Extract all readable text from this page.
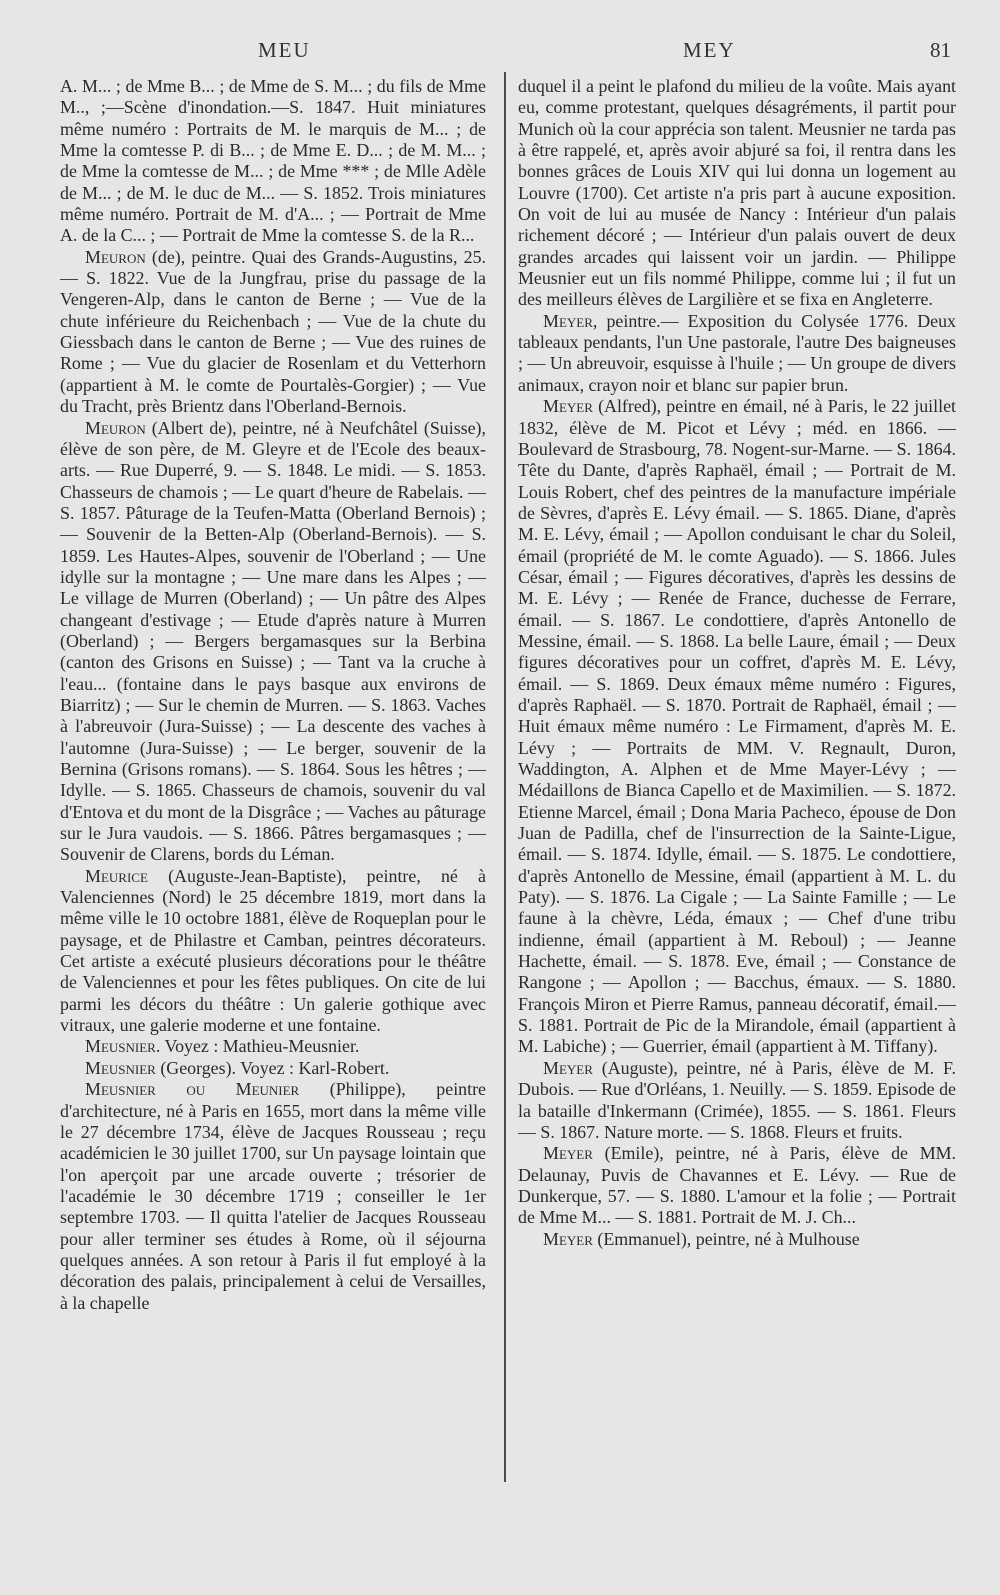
MEU	MEY	81

A. M... ; de Mme B... ; de Mme de S. M... ; du fils de Mme M.., ;—Scène d'inondation.—S. 1847. Huit miniatures même numéro : Portraits de M. le marquis de M... ; de Mme la comtesse P. di B... ; de Mme E. D... ; de M. M... ; de Mme la comtesse de M... ; de Mme *** ; de Mlle Adèle de M... ; de M. le duc de M... — S. 1852. Trois miniatures même numéro. Portrait de M. d'A... ; — Portrait de Mme A. de la C... ; — Portrait de Mme la comtesse S. de la R...

Meuron (de), peintre. Quai des Grands-Augustins, 25. — S. 1822. Vue de la Jungfrau, prise du passage de la Vengeren-Alp, dans le canton de Berne ; — Vue de la chute inférieure du Reichenbach ; — Vue de la chute du Giessbach dans le canton de Berne ; — Vue des ruines de Rome ; — Vue du glacier de Rosenlam et du Vetterhorn (appartient à M. le comte de Pourtalès-Gorgier) ; — Vue du Tracht, près Brientz dans l'Oberland-Bernois.

Meuron (Albert de), peintre, né à Neufchâtel (Suisse), élève de son père, de M. Gleyre et de l'Ecole des beaux-arts. — Rue Duperré, 9. — S. 1848. Le midi. — S. 1853. Chasseurs de chamois ; — Le quart d'heure de Rabelais. — S. 1857. Pâturage de la Teufen-Matta (Oberland Bernois) ; — Souvenir de la Betten-Alp (Oberland-Bernois). — S. 1859. Les Hautes-Alpes, souvenir de l'Oberland ; — Une idylle sur la montagne ; — Une mare dans les Alpes ; — Le village de Murren (Oberland) ; — Un pâtre des Alpes changeant d'estivage ; — Etude d'après nature à Murren (Oberland) ; — Bergers bergamasques sur la Berbina (canton des Grisons en Suisse) ; — Tant va la cruche à l'eau... (fontaine dans le pays basque aux environs de Biarritz) ; — Sur le chemin de Murren. — S. 1863. Vaches à l'abreuvoir (Jura-Suisse) ; — La descente des vaches à l'automne (Jura-Suisse) ; — Le berger, souvenir de la Bernina (Grisons romans). — S. 1864. Sous les hêtres ; — Idylle. — S. 1865. Chasseurs de chamois, souvenir du val d'Entova et du mont de la Disgrâce ; — Vaches au pâturage sur le Jura vaudois. — S. 1866. Pâtres bergamasques ; — Souvenir de Clarens, bords du Léman.

Meurice (Auguste-Jean-Baptiste), peintre, né à Valenciennes (Nord) le 25 décembre 1819, mort dans la même ville le 10 octobre 1881, élève de Roqueplan pour le paysage, et de Philastre et Camban, peintres décorateurs. Cet artiste a exécuté plusieurs décorations pour le théâtre de Valenciennes et pour les fêtes publiques. On cite de lui parmi les décors du théâtre : Un galerie gothique avec vitraux, une galerie moderne et une fontaine.

Meusnier. Voyez : Mathieu-Meusnier.

Meusnier (Georges). Voyez : Karl-Robert.

Meusnier ou Meunier (Philippe), peintre d'architecture, né à Paris en 1655, mort dans la même ville le 27 décembre 1734, élève de Jacques Rousseau ; reçu académicien le 30 juillet 1700, sur Un paysage lointain que l'on aperçoit par une arcade ouverte ; trésorier de l'académie le 30 décembre 1719 ; conseiller le 1er septembre 1703. — Il quitta l'atelier de Jacques Rousseau pour aller terminer ses études à Rome, où il séjourna quelques années. A son retour à Paris il fut employé à la décoration des palais, principalement à celui de Versailles, à la chapelle

duquel il a peint le plafond du milieu de la voûte. Mais ayant eu, comme protestant, quelques désagréments, il partit pour Munich où la cour apprécia son talent. Meusnier ne tarda pas à être rappelé, et, après avoir abjuré sa foi, il rentra dans les bonnes grâces de Louis XIV qui lui donna un logement au Louvre (1700). Cet artiste n'a pris part à aucune exposition. On voit de lui au musée de Nancy : Intérieur d'un palais richement décoré ; — Intérieur d'un palais ouvert de deux grandes arcades qui laissent voir un jardin. — Philippe Meusnier eut un fils nommé Philippe, comme lui ; il fut un des meilleurs élèves de Largilière et se fixa en Angleterre.

Meyer, peintre.— Exposition du Colysée 1776. Deux tableaux pendants, l'un Une pastorale, l'autre Des baigneuses ; — Un abreuvoir, esquisse à l'huile ; — Un groupe de divers animaux, crayon noir et blanc sur papier brun.

Meyer (Alfred), peintre en émail, né à Paris, le 22 juillet 1832, élève de M. Picot et Lévy ; méd. en 1866. — Boulevard de Strasbourg, 78. Nogent-sur-Marne. — S. 1864. Tête du Dante, d'après Raphaël, émail ; — Portrait de M. Louis Robert, chef des peintres de la manufacture impériale de Sèvres, d'après E. Lévy émail. — S. 1865. Diane, d'après M. E. Lévy, émail ; — Apollon conduisant le char du Soleil, émail (propriété de M. le comte Aguado). — S. 1866. Jules César, émail ; — Figures décoratives, d'après les dessins de M. E. Lévy ; — Renée de France, duchesse de Ferrare, émail. — S. 1867. Le condottiere, d'après Antonello de Messine, émail. — S. 1868. La belle Laure, émail ; — Deux figures décoratives pour un coffret, d'après M. E. Lévy, émail. — S. 1869. Deux émaux même numéro : Figures, d'après Raphaël. — S. 1870. Portrait de Raphaël, émail ; — Huit émaux même numéro : Le Firmament, d'après M. E. Lévy ; — Portraits de MM. V. Regnault, Duron, Waddington, A. Alphen et de Mme Mayer-Lévy ; — Médaillons de Bianca Capello et de Maximilien. — S. 1872. Etienne Marcel, émail ; Dona Maria Pacheco, épouse de Don Juan de Padilla, chef de l'insurrection de la Sainte-Ligue, émail. — S. 1874. Idylle, émail. — S. 1875. Le condottiere, d'après Antonello de Messine, émail (appartient à M. L. du Paty). — S. 1876. La Cigale ; — La Sainte Famille ; — Le faune à la chèvre, Léda, émaux ; — Chef d'une tribu indienne, émail (appartient à M. Reboul) ; — Jeanne Hachette, émail. — S. 1878. Eve, émail ; — Constance de Rangone ; — Apollon ; — Bacchus, émaux. — S. 1880. François Miron et Pierre Ramus, panneau décoratif, émail.— S. 1881. Portrait de Pic de la Mirandole, émail (appartient à M. Labiche) ; — Guerrier, émail (appartient à M. Tiffany).

Meyer (Auguste), peintre, né à Paris, élève de M. F. Dubois. — Rue d'Orléans, 1. Neuilly. — S. 1859. Episode de la bataille d'Inkermann (Crimée), 1855. — S. 1861. Fleurs — S. 1867. Nature morte. — S. 1868. Fleurs et fruits.

Meyer (Emile), peintre, né à Paris, élève de MM. Delaunay, Puvis de Chavannes et E. Lévy. — Rue de Dunkerque, 57. — S. 1880. L'amour et la folie ; — Portrait de Mme M... — S. 1881. Portrait de M. J. Ch...

Meyer (Emmanuel), peintre, né à Mulhouse
